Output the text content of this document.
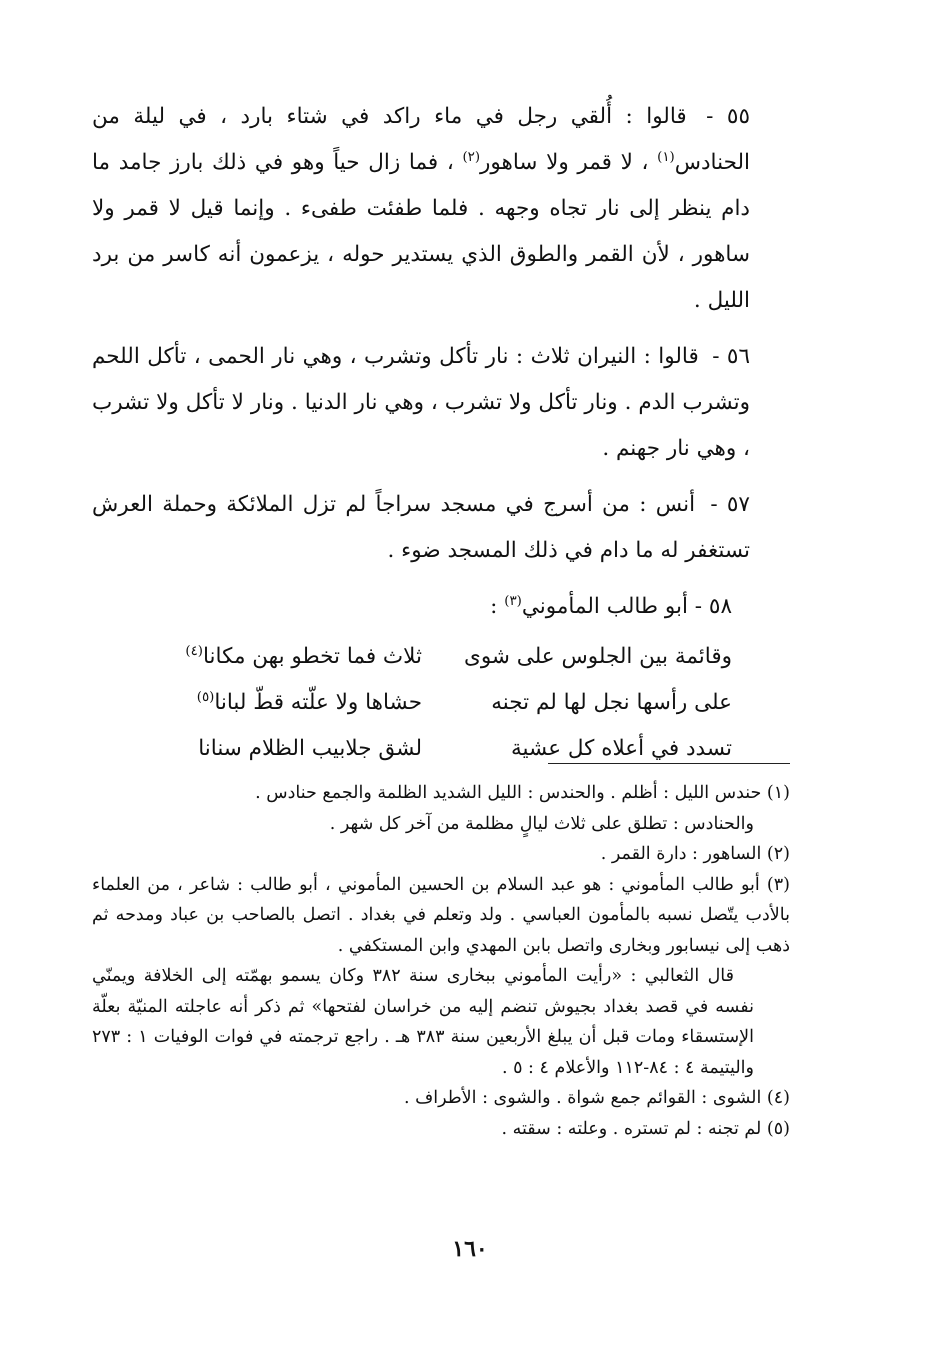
٥٥ - قالوا : أُلقي رجل في ماء راكد في شتاء بارد ، في ليلة من الحنادس$^{(١)}$ ، لا قمر ولا ساهور$^{(٢)}$ ، فما زال حياً وهو في ذلك بارز جامد ما دام ينظر إلى نار تجاه وجهه . فلما طفئت طفىء . وإنما قيل لا قمر ولا ساهور ، لأن القمر والطوق الذي يستدير حوله ، يزعمون أنه كاسر من برد الليل .

٥٦ - قالوا : النيران ثلاث : نار تأكل وتشرب ، وهي نار الحمى ، تأكل اللحم وتشرب الدم . ونار تأكل ولا تشرب ، وهي نار الدنيا . ونار لا تأكل ولا تشرب ، وهي نار جهنم .

٥٧ - أنس : من أسرج في مسجد سراجاً لم تزل الملائكة وحملة العرش تستغفر له ما دام في ذلك المسجد ضوء .

٥٨ - أبو طالب المأموني$^{(٣)}$ :

وقائمة بين الجلوس على شوى
ثلاث فما تخطو بهن مكانا$^{(٤)}$
على رأسها نجل لها لم تجنه
حشاها ولا علّته قطّ لبانا$^{(٥)}$
تسدد في أعلاه كل عشية
لشق جلابيب الظلام سنانا

(١) حندس الليل : أظلم . والحندس : الليل الشديد الظلمة والجمع حنادس .

والحنادس : تطلق على ثلاث ليالٍ مظلمة من آخر كل شهر .

(٢) الساهور : دارة القمر .

(٣) أبو طالب المأموني : هو عبد السلام بن الحسين المأموني ، أبو طالب : شاعر ، من العلماء بالأدب يتّصل نسبه بالمأمون العباسي . ولد وتعلم في بغداد . اتصل بالصاحب بن عباد ومدحه ثم ذهب إلى نيسابور وبخارى واتصل بابن المهدي وابن المستكفي .

قال الثعالبي : «رأيت المأموني ببخارى سنة ٣٨٢ وكان يسمو بهمّته إلى الخلافة ويمنّي نفسه في قصد بغداد بجيوش تنضم إليه من خراسان لفتحها» ثم ذكر أنه عاجلته المنيّة بعلّة الإستسقاء ومات قبل أن يبلغ الأربعين سنة ٣٨٣ هـ . راجع ترجمته في فوات الوفيات ١ : ٢٧٣ واليتيمة ٤ : ٨٤-١١٢ والأعلام ٤ : ٥ .

(٤) الشوى : القوائم جمع شواة . والشوى : الأطراف .

(٥) لم تجنه : لم تستره . وعلته : سقته .

١٦٠
